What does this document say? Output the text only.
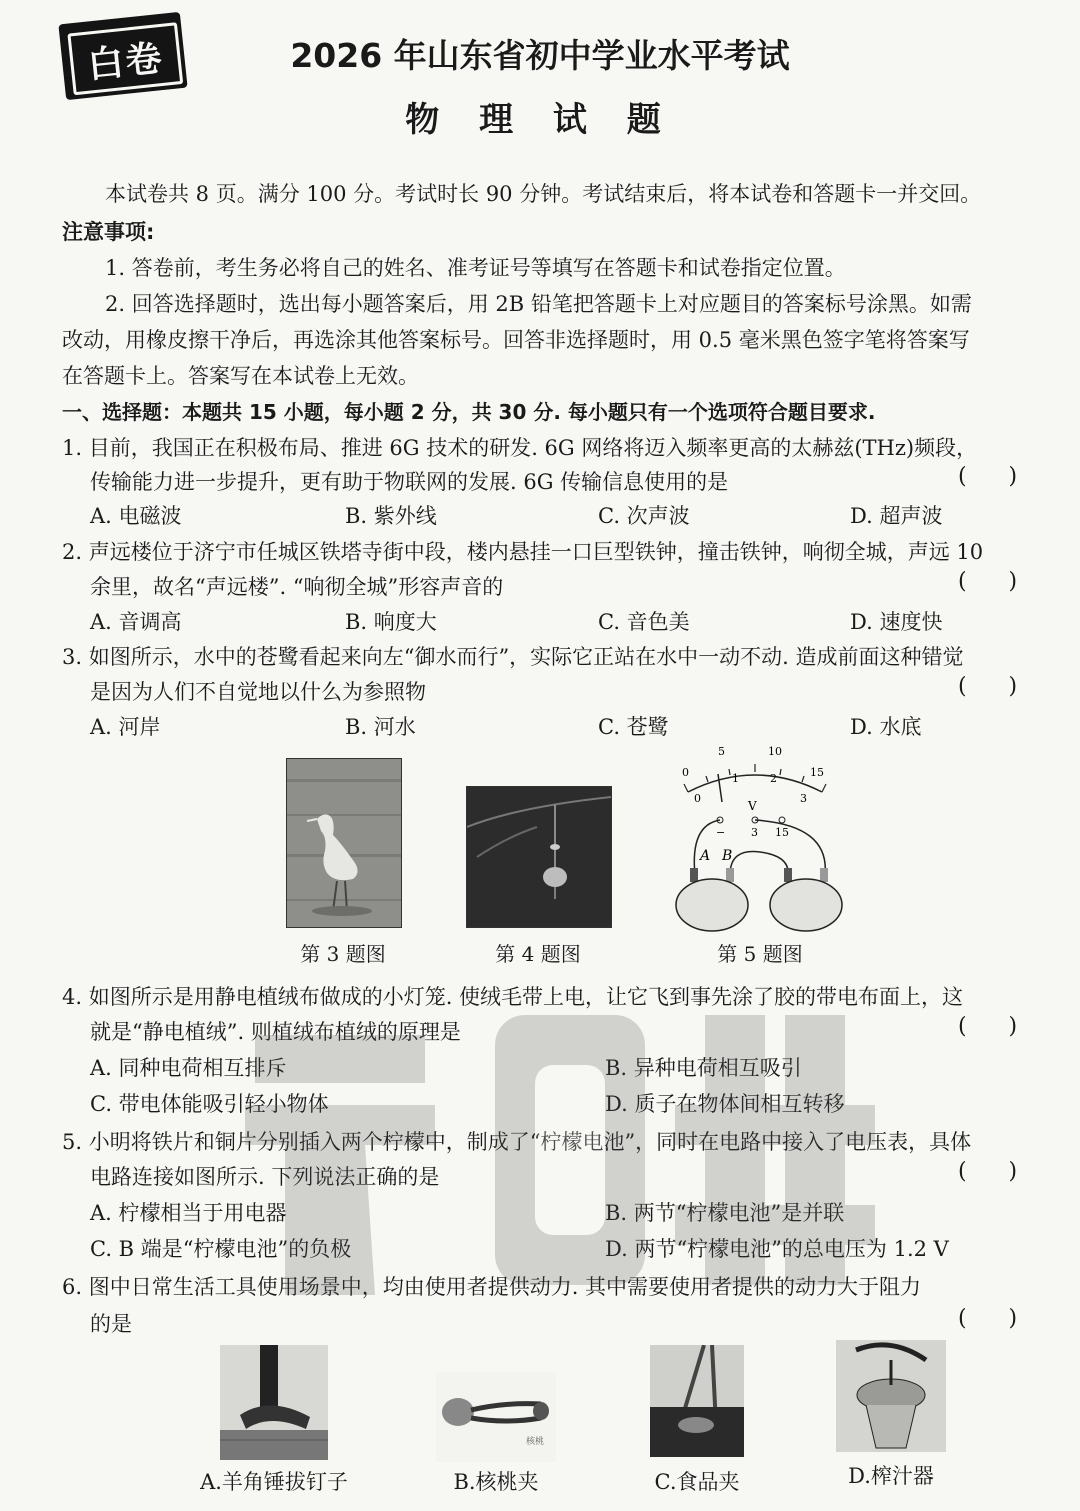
白卷	2026 年山东省初中学业水平考试
物 理 试 题
本试卷共 8 页。满分 100 分。考试时长 90 分钟。考试结束后，将本试卷和答题卡一并交回。
注意事项:
1. 答卷前，考生务必将自己的姓名、准考证号等填写在答题卡和试卷指定位置。
2. 回答选择题时，选出每小题答案后，用 2B 铅笔把答题卡上对应题目的答案标号涂黑。如需
改动，用橡皮擦干净后，再选涂其他答案标号。回答非选择题时，用 0.5 毫米黑色签字笔将答案写
在答题卡上。答案写在本试卷上无效。
一、选择题：本题共 15 小题，每小题 2 分，共 30 分. 每小题只有一个选项符合题目要求.
1. 目前，我国正在积极布局、推进 6G 技术的研发. 6G 网络将迈入频率更高的太赫兹(THz)频段，
传输能力进一步提升，更有助于物联网的发展. 6G 传输信息使用的是	(      )
A. 电磁波	B. 紫外线	C. 次声波	D. 超声波
2. 声远楼位于济宁市任城区铁塔寺街中段，楼内悬挂一口巨型铁钟，撞击铁钟，响彻全城，声远 10
余里，故名“声远楼”. “响彻全城”形容声音的	(      )
A. 音调高	B. 响度大	C. 音色美	D. 速度快
3. 如图所示，水中的苍鹭看起来向左“御水而行”，实际它正站在水中一动不动. 造成前面这种错觉
是因为人们不自觉地以什么为参照物	(      )
A. 河岸	B. 河水	C. 苍鹭	D. 水底
第 3 题图	第 4 题图
0
5	10
15
0
1	2
3
V
− 3 15
A B
第 5 题图
4. 如图所示是用静电植绒布做成的小灯笼. 使绒毛带上电，让它飞到事先涂了胶的带电布面上，这
就是“静电植绒”. 则植绒布植绒的原理是	(      )
A. 同种电荷相互排斥	B. 异种电荷相互吸引
C. 带电体能吸引轻小物体	D. 质子在物体间相互转移
5. 小明将铁片和铜片分别插入两个柠檬中，制成了“柠檬电池”，同时在电路中接入了电压表，具体
电路连接如图所示. 下列说法正确的是	(      )
A. 柠檬相当于用电器	B. 两节“柠檬电池”是并联
C. B 端是“柠檬电池”的负极	D. 两节“柠檬电池”的总电压为 1.2 V
6. 图中日常生活工具使用场景中，均由使用者提供动力. 其中需要使用者提供的动力大于阻力
的是	(      )
A.羊角锤拔钉子
核桃
B.核桃夹	C.食品夹	D.榨汁器
